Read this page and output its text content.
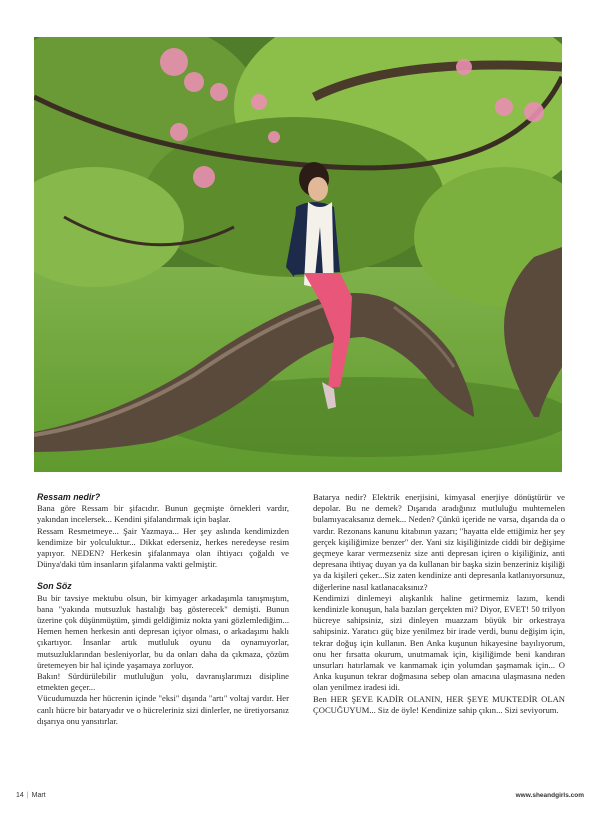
Ressam nedir?

Bana göre Ressam bir şifacıdır. Bunun geçmişte örnekleri vardır, yakından incelersek... Kendini şifalandırmak için başlar.

Ressam Resmetmeye... Şair Yazmaya... Her şey aslında kendimizden kendimize bir yolculuktur... Dikkat ederseniz, herkes neredeyse resim yapıyor. NEDEN? Herkesin şifalanmaya olan ihtiyacı çoğaldı ve Dünya'daki tüm insanların şifalanma vakti gelmiştir.

Son Söz

Bu bir tavsiye mektubu olsun, bir kimyager arkadaşımla tanışmıştım, bana "yakında mutsuzluk hastalığı baş gösterecek" demişti. Bunun üzerine çok düşünmüştüm, şimdi geldiğimiz nokta yani gözlemlediğim... Hemen hemen herkesin anti depresan içiyor olması, o arkadaşımı haklı çıkartıyor. İnsanlar artık mutluluk oyunu da oynamıyorlar, mutsuzluklarından besleniyorlar, bu da onları daha da çıkmaza, çözüm üretemeyen bir hal içinde yaşamaya zorluyor.

Bakın! Sürdürülebilir mutluluğun yolu, davranışlarımızı disipline etmekten geçer...

Vücudumuzda her hücrenin içinde "eksi" dışında "artı" voltaj vardır. Her canlı hücre bir bataryadır ve o hücreleriniz sizi dinlerler, ne üretiyorsanız dışarıya onu yansıtırlar.

Batarya nedir? Elektrik enerjisini, kimyasal enerjiye dönüştürür ve depolar. Bu ne demek? Dışarıda aradığınız mutluluğu muhtemelen bulamıyacaksanız demek... Neden? Çünkü içeride ne varsa, dışarıda da o vardır. Rezonans kanunu kitabının yazarı; "hayatta elde ettiğimiz her şey gerçek kişiliğimize benzer" der. Yani siz kişiliğinizde ciddi bir değişime geçmeye karar vermezseniz size anti depresan içiren o kişiliğiniz, anti depresana ihtiyaç duyan ya da kullanan bir başka sizin benzeriniz kişiliği ya da kişileri çeker...Siz zaten kendinize anti depresanla katlanıyorsunuz, diğerlerine nasıl katlanacaksınız?

Kendimizi dinlemeyi alışkanlık haline getirmemiz lazım, kendi kendinizle konuşun, hala bazıları gerçekten mi? Diyor, EVET! 50 trilyon hücreye sahipsiniz, sizi dinleyen muazzam büyük bir orkestraya sahipsiniz. Yaratıcı güç bize yenilmez bir irade verdi, bunu değişim için, tekrar doğuş için kullanın. Ben Anka kuşunun hikayesine bayılıyorum, onu her fırsatta okurum, unutmamak için, kişiliğimde beni kandıran unsurları hatırlamak ve kanmamak için yolumdan şaşmamak için... O Anka kuşunun tekrar doğmasına sebep olan amacına ulaşmasına neden olan yenilmez iradesi idi.

Ben HER ŞEYE KADİR OLANIN, HER ŞEYE MUKTEDİR OLAN ÇOCUĞUYUM... Siz de öyle! Kendinize sahip çıkın... Sizi seviyorum.

14 | Mart	www.sheandgirls.com
